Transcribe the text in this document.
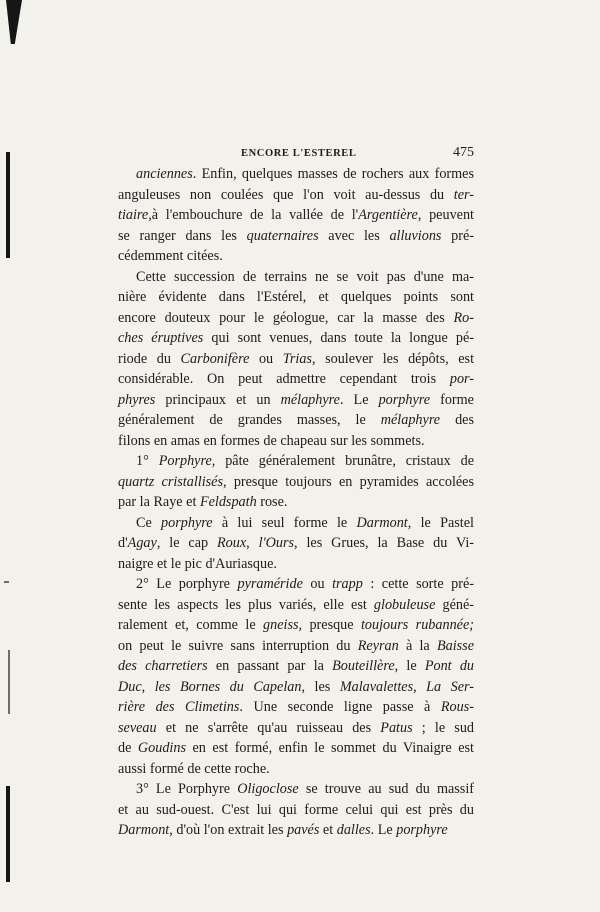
ENCORE L'ESTEREL	475
anciennes. Enfin, quelques masses de rochers aux formes
anguleuses non coulées que l'on voit au-dessus du ter-
tiaire,à l'embouchure de la vallée de l'Argentière, peuvent
se ranger dans les quaternaires avec les alluvions pré-
cédemment citées.
Cette succession de terrains ne se voit pas d'une ma-
nière évidente dans l'Estérel, et quelques points sont
encore douteux pour le géologue, car la masse des Ro-
ches éruptives qui sont venues, dans toute la longue pé-
riode du Carbonifère ou Trias, soulever les dépôts, est
considérable. On peut admettre cependant trois por-
phyres principaux et un mélaphyre. Le porphyre forme
généralement de grandes masses, le mélaphyre des
filons en amas en formes de chapeau sur les sommets.
1° Porphyre, pâte généralement brunâtre, cristaux de
quartz cristallisés, presque toujours en pyramides accolées
par la Raye et Feldspath rose.
Ce porphyre à lui seul forme le Darmont, le Pastel
d'Agay, le cap Roux, l'Ours, les Grues, la Base du Vi-
naigre et le pic d'Auriasque.
2° Le porphyre pyraméride ou trapp : cette sorte pré-
sente les aspects les plus variés, elle est globuleuse géné-
ralement et, comme le gneiss, presque toujours rubannée;
on peut le suivre sans interruption du Reyran à la Baisse
des charretiers en passant par la Bouteillère, le Pont du
Duc, les Bornes du Capelan, les Malavalettes, La Ser-
rière des Climetins. Une seconde ligne passe à Rous-
seveau et ne s'arrête qu'au ruisseau des Patus ; le sud
de Goudins en est formé, enfin le sommet du Vinaigre est
aussi formé de cette roche.
3° Le Porphyre Oligoclose se trouve au sud du massif
et au sud-ouest. C'est lui qui forme celui qui est près du
Darmont, d'où l'on extrait les pavés et dalles. Le porphyre
